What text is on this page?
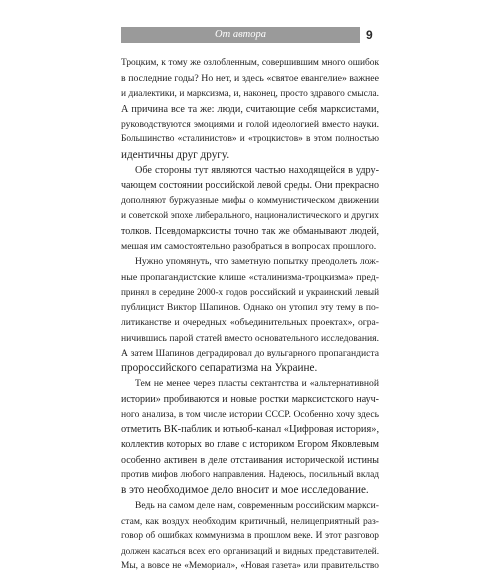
От автора	9
Троцким, к тому же озлобленным, совершившим много ошибок
в последние годы? Но нет, и здесь «святое евангелие» важнее
и диалектики, и марксизма, и, наконец, просто здравого смысла.
А причина все та же: люди, считающие себя марксистами,
руководствуются эмоциями и голой идеологией вместо науки.
Большинство «сталинистов» и «троцкистов» в этом полностью
идентичны друг другу.
Обе стороны тут являются частью находящейся в удру-
чающем состоянии российской левой среды. Они прекрасно
дополняют буржуазные мифы о коммунистическом движении
и советской эпохе либерального, националистического и других
толков. Псевдомарксисты точно так же обманывают людей,
мешая им самостоятельно разобраться в вопросах прошлого.
Нужно упомянуть, что заметную попытку преодолеть лож-
ные пропагандистские клише «сталинизма-троцкизма» пред-
принял в середине 2000-х годов российский и украинский левый
публицист Виктор Шапинов. Однако он утопил эту тему в по-
литиканстве и очередных «объединительных проектах», огра-
ничившись парой статей вместо основательного исследования.
А затем Шапинов деградировал до вульгарного пропагандиста
пророссийского сепаратизма на Украине.
Тем не менее через пласты сектантства и «альтернативной
истории» пробиваются и новые ростки марксистского науч-
ного анализа, в том числе истории СССР. Особенно хочу здесь
отметить ВК-паблик и ютьюб-канал «Цифровая история»,
коллектив которых во главе с историком Егором Яковлевым
особенно активен в деле отстаивания исторической истины
против мифов любого направления. Надеюсь, посильный вклад
в это необходимое дело вносит и мое исследование.
Ведь на самом деле нам, современным российским маркси-
стам, как воздух необходим критичный, нелицеприятный раз-
говор об ошибках коммунизма в прошлом веке. И этот разговор
должен касаться всех его организаций и видных представителей.
Мы, а вовсе не «Мемориал», «Новая газета» или правительство
